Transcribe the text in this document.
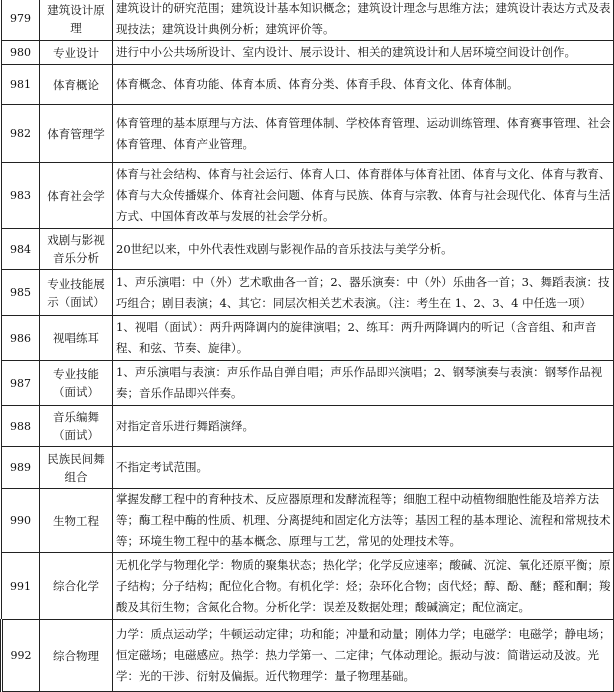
979	建筑设计原理	建筑设计的研究范围；建筑设计基本知识概念；建筑设计理念与思维方法；建筑设计表达方式及表现技法；建筑设计典例分析；建筑评价等。
980	专业设计	进行中小公共场所设计、室内设计、展示设计、相关的建筑设计和人居环境空间设计创作。
981	体育概论	体育概念、体育功能、体育本质、体育分类、体育手段、体育文化、体育体制。
982	体育管理学	体育管理的基本原理与方法、体育管理体制、学校体育管理、运动训练管理、体育赛事管理、社会体育管理、体育产业管理。
983	体育社会学	体育与社会结构、体育与社会运行、体育人口、体育群体与体育社团、体育与文化、体育与教育、体育与大众传播媒介、体育社会问题、体育与民族、体育与宗教、体育与社会现代化、体育与生活方式、中国体育改革与发展的社会学分析。
984	戏剧与影视音乐分析	20世纪以来，中外代表性戏剧与影视作品的音乐技法与美学分析。
985	专业技能展示（面试）	1、声乐演唱：中（外）艺术歌曲各一首；2、器乐演奏：中（外）乐曲各一首；3、舞蹈表演：技巧组合；剧目表演；4、其它：同层次相关艺术表演。（注：考生在 1、2、3、4 中任选一项）
986	视唱练耳	1、视唱（面试）：两升两降调内的旋律演唱；2、练耳：两升两降调内的听记（含音组、和声音程、和弦、节奏、旋律）。
987	专业技能（面试）	1、声乐演唱与表演：声乐作品自弹自唱；声乐作品即兴演唱；2、钢琴演奏与表演：钢琴作品视奏；音乐作品即兴伴奏。
988	音乐编舞（面试）	对指定音乐进行舞蹈演绎。
989	民族民间舞组合	不指定考试范围。
990	生物工程	掌握发酵工程中的育种技术、反应器原理和发酵流程等；细胞工程中动植物细胞性能及培养方法等；酶工程中酶的性质、机理、分离提纯和固定化方法等；基因工程的基本理论、流程和常规技术等；环境生物工程中的基本概念、原理与工艺，常见的处理技术等。
991	综合化学	无机化学与物理化学：物质的聚集状态；热化学；化学反应速率；酸碱、沉淀、氧化还原平衡；原子结构；分子结构；配位化合物。有机化学：烃；杂环化合物；卤代烃；醇、酚、醚；醛和酮；羧酸及其衍生物；含氮化合物。分析化学：误差及数据处理；酸碱滴定；配位滴定。
992	综合物理	力学：质点运动学；牛顿运动定律；功和能；冲量和动量；刚体力学；电磁学：电磁学；静电场；恒定磁场；电磁感应。热学：热力学第一、二定律；气体动理论。振动与波：简谐运动及波。光学：光的干涉、衍射及偏振。近代物理学：量子物理基础。
